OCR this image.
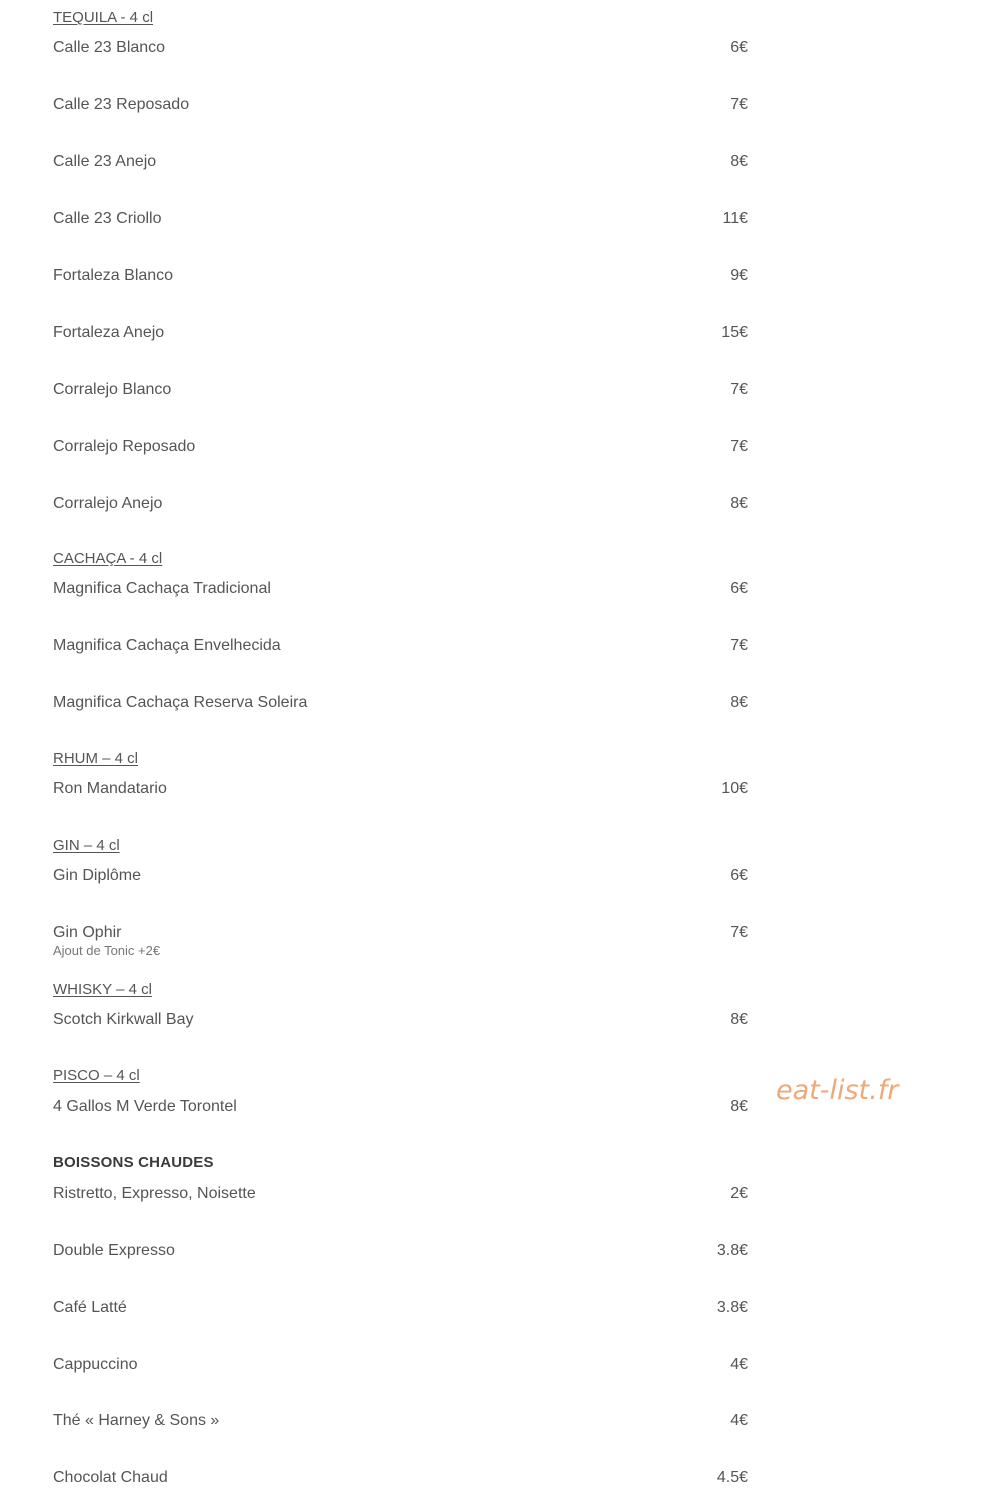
TEQUILA - 4 cl
Calle 23 Blanco	6€
Calle 23 Reposado	7€
Calle 23 Anejo	8€
Calle 23 Criollo	11€
Fortaleza Blanco	9€
Fortaleza Anejo	15€
Corralejo Blanco	7€
Corralejo Reposado	7€
Corralejo Anejo	8€
CACHAÇA - 4 cl
Magnifica Cachaça Tradicional	6€
Magnifica Cachaça Envelhecida	7€
Magnifica Cachaça Reserva Soleira	8€
RHUM – 4 cl
Ron Mandatario	10€
GIN – 4 cl
Gin Diplôme	6€
Gin Ophir	7€
Ajout de Tonic +2€
WHISKY – 4 cl
Scotch Kirkwall Bay	8€
PISCO – 4 cl
4 Gallos M Verde Torontel	8€
BOISSONS CHAUDES
Ristretto, Expresso, Noisette	2€
Double Expresso	3.8€
Café Latté	3.8€
Cappuccino	4€
Thé « Harney & Sons »	4€
Chocolat Chaud	4.5€
eat-list.fr
